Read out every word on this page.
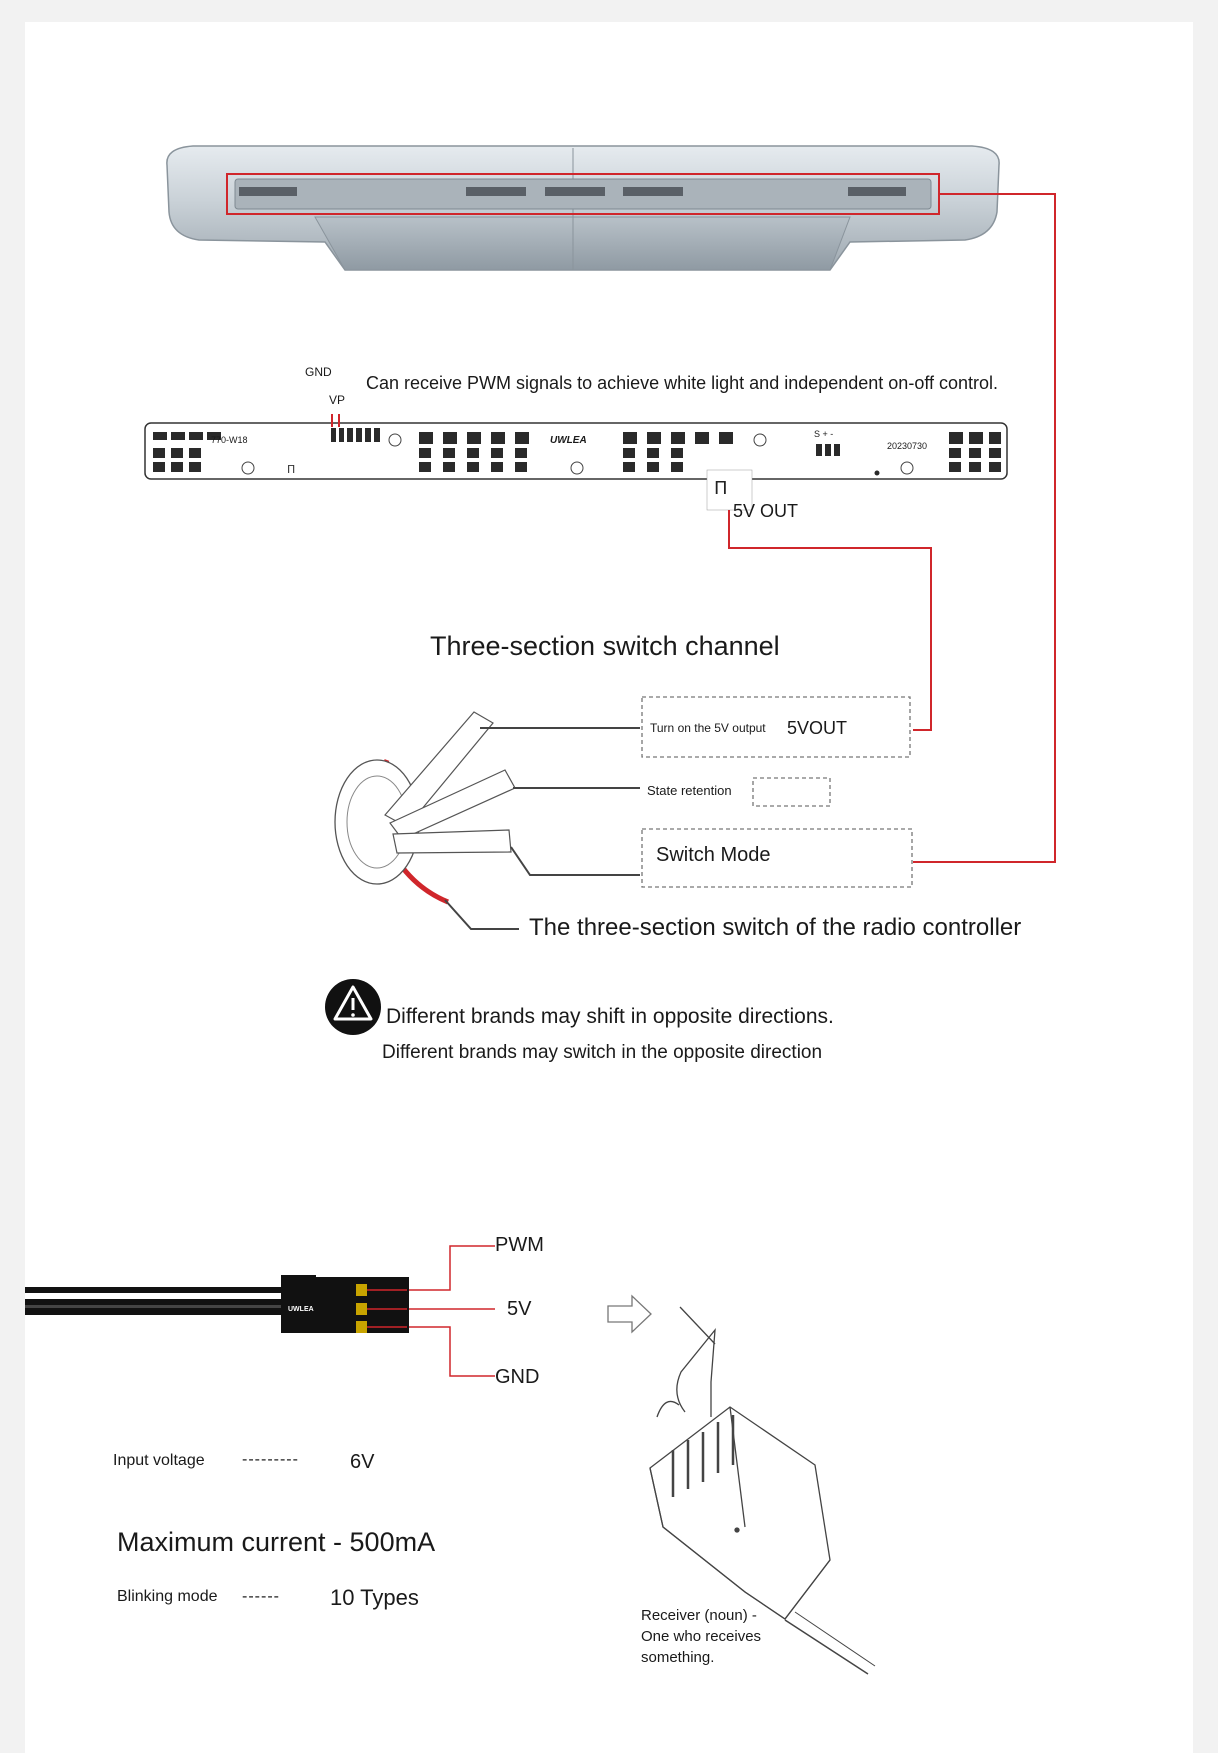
П
П
GND
VP
Can receive PWM signals to achieve white light and independent on-off control.
770-W18	UWLEA
S + -
20230730
5V OUT
Three-section switch channel
Turn on the 5V output 5VOUT
State retention
Switch Mode
The three-section switch of the radio controller
Different brands may shift in opposite directions.
Different brands may switch in the opposite direction
UWLEA
PWM
5V
GND
Input voltage ---------	6V
Maximum current - 500mA
Blinking mode ------ 10 Types
Receiver (noun) - One who receives something.
